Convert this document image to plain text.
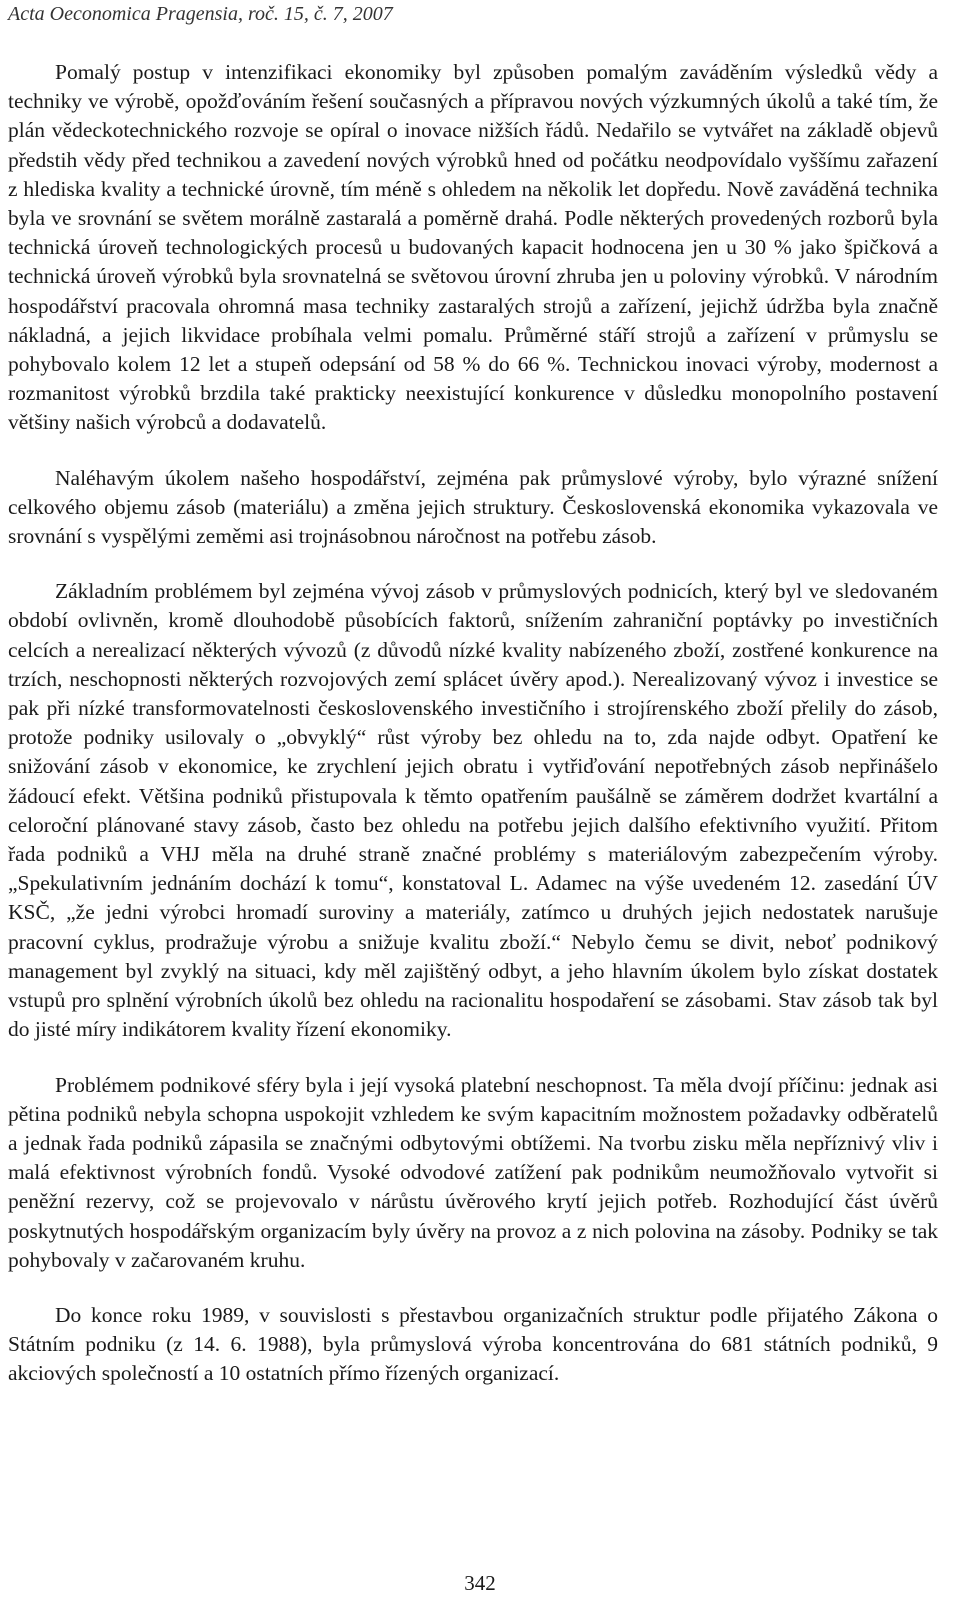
Acta Oeconomica Pragensia, roč. 15, č. 7, 2007

Pomalý postup v intenzifikaci ekonomiky byl způsoben pomalým zaváděním výsledků vědy a techniky ve výrobě, opožďováním řešení současných a přípravou nových výzkumných úkolů a také tím, že plán vědeckotechnického rozvoje se opíral o inovace nižších řádů. Nedařilo se vytvářet na základě objevů předstih vědy před technikou a zavedení nových výrobků hned od počátku neodpovídalo vyššímu zařazení z hlediska kvality a technické úrovně, tím méně s ohledem na několik let dopředu. Nově zaváděná technika byla ve srovnání se světem morálně zastaralá a poměrně drahá. Podle některých provedených rozborů byla technická úroveň technologických procesů u budovaných kapacit hodnocena jen u 30 % jako špičková a technická úroveň výrobků byla srovnatelná se světovou úrovní zhruba jen u poloviny výrobků. V národním hospodářství pracovala ohromná masa techniky zastaralých strojů a zařízení, jejichž údržba byla značně nákladná, a jejich likvidace probíhala velmi pomalu. Průměrné stáří strojů a zařízení v průmyslu se pohybovalo kolem 12 let a stupeň odepsání od 58 % do 66 %. Technickou inovaci výroby, modernost a rozmanitost výrobků brzdila také prakticky neexistující konkurence v důsledku monopolního postavení většiny našich výrobců a dodavatelů.

Naléhavým úkolem našeho hospodářství, zejména pak průmyslové výroby, bylo výrazné snížení celkového objemu zásob (materiálu) a změna jejich struktury. Československá ekonomika vykazovala ve srovnání s vyspělými zeměmi asi trojnásobnou náročnost na potřebu zásob.

Základním problémem byl zejména vývoj zásob v průmyslových podnicích, který byl ve sledovaném období ovlivněn, kromě dlouhodobě působících faktorů, snížením zahraniční poptávky po investičních celcích a nerealizací některých vývozů (z důvodů nízké kvality nabízeného zboží, zostřené konkurence na trzích, neschopnosti některých rozvojových zemí splácet úvěry apod.). Nerealizovaný vývoz i investice se pak při nízké transformovatelnosti československého investičního i strojírenského zboží přelily do zásob, protože podniky usilovaly o „obvyklý“ růst výroby bez ohledu na to, zda najde odbyt. Opatření ke snižování zásob v ekonomice, ke zrychlení jejich obratu i vytřiďování nepotřebných zásob nepřinášelo žádoucí efekt. Většina podniků přistupovala k těmto opatřením paušálně se záměrem dodržet kvartální a celoroční plánované stavy zásob, často bez ohledu na potřebu jejich dalšího efektivního využití. Přitom řada podniků a VHJ měla na druhé straně značné problémy s materiálovým zabezpečením výroby. „Spekulativním jednáním dochází k tomu“, konstatoval L. Adamec na výše uvedeném 12. zasedání ÚV KSČ, „že jedni výrobci hromadí suroviny a materiály, zatímco u druhých jejich nedostatek narušuje pracovní cyklus, prodražuje výrobu a snižuje kvalitu zboží.“ Nebylo čemu se divit, neboť podnikový management byl zvyklý na situaci, kdy měl zajištěný odbyt, a jeho hlavním úkolem bylo získat dostatek vstupů pro splnění výrobních úkolů bez ohledu na racionalitu hospodaření se zásobami. Stav zásob tak byl do jisté míry indikátorem kvality řízení ekonomiky.

Problémem podnikové sféry byla i její vysoká platební neschopnost. Ta měla dvojí příčinu: jednak asi pětina podniků nebyla schopna uspokojit vzhledem ke svým kapacitním možnostem požadavky odběratelů a jednak řada podniků zápasila se značnými odbytovými obtížemi. Na tvorbu zisku měla nepříznivý vliv i malá efektivnost výrobních fondů. Vysoké odvodové zatížení pak podnikům neumožňovalo vytvořit si peněžní rezervy, což se projevovalo v nárůstu úvěrového krytí jejich potřeb. Rozhodující část úvěrů poskytnutých hospodářským organizacím byly úvěry na provoz a z nich polovina na zásoby. Podniky se tak pohybovaly v začarovaném kruhu.

Do konce roku 1989, v souvislosti s přestavbou organizačních struktur podle přijatého Zákona o Státním podniku (z 14. 6. 1988), byla průmyslová výroba koncentrována do 681 státních podniků, 9 akciových společností a 10 ostatních přímo řízených organizací.

342
